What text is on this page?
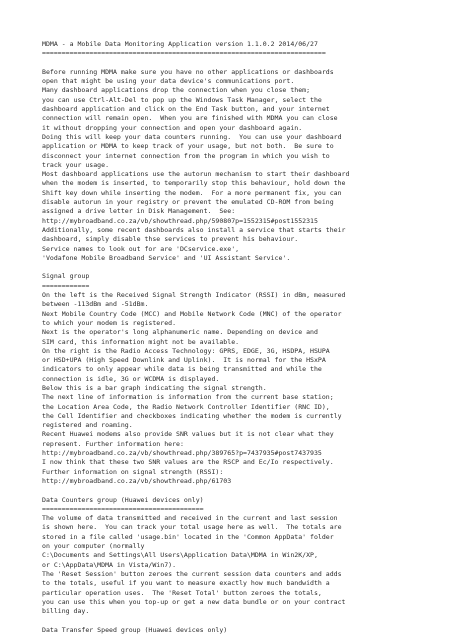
MDMA - a Mobile Data Monitoring Application version 1.1.0.2 2014/06/27
========================================================================
Before running MDMA make sure you have no other applications or dashboards
open that might be using your data device's communications port.
Many dashboard applications drop the connection when you close them;
you can use Ctrl-Alt-Del to pop up the Windows Task Manager, select the
dashboard application and click on the End Task button, and your internet
connection will remain open.  When you are finished with MDMA you can close
it without dropping your connection and open your dashboard again.
Doing this will keep your data counters running.  You can use your dashboard
application or MDMA to keep track of your usage, but not both.  Be sure to
disconnect your internet connection from the program in which you wish to
track your usage.
Most dashboard applications use the autorun mechanism to start their dashboard
when the modem is inserted, to temporarily stop this behaviour, hold down the
Shift key down while inserting the modem.  For a more permanent fix, you can
disable autorun in your registry or prevent the emulated CD-ROM from being
assigned a drive letter in Disk Management.  See:
http://mybroadband.co.za/vb/showthread.php/590807p=1552315#post1552315
Additionally, some recent dashboards also install a service that starts their
dashboard, simply disable thse services to prevent his behaviour.
Service names to look out for are 'DCservice.exe',
'Vodafone Mobile Broadband Service' and 'UI Assistant Service'.
Signal group
============
On the left is the Received Signal Strength Indicator (RSSI) in dBm, measured
between -113dBm and -51dBm.
Next Mobile Country Code (MCC) and Mobile Network Code (MNC) of the operator
to which your modem is registered.
Next is the operator's long alphanumeric name. Depending on device and
SIM card, this information might not be available.
On the right is the Radio Access Technology: GPRS, EDGE, 3G, HSDPA, HSUPA
or HSD+UPA (High Speed Downlink and Uplink).  It is normal for the HSxPA
indicators to only appear while data is being transmitted and while the
connection is idle, 3G or WCDMA is displayed.
Below this is a bar graph indicating the signal strength.
The next line of information is information from the current base station;
the Location Area Code, the Radio Network Controller Identifier (RNC ID),
the Cell Identifier and checkboxes indicating whether the modem is currently
registered and roaming.
Recent Huawei modems also provide SNR values but it is not clear what they
represent. Further information here:
http://mybroadband.co.za/vb/showthread.php/389765?p=7437935#post7437935
I now think that these two SNR values are the RSCP and Ec/Io respectively.
Further information on signal strength (RSSI):
http://mybroadband.co.za/vb/showthread.php/61703
Data Counters group (Huawei devices only)
=========================================
The volume of data transmitted and received in the current and last session
is shown here.  You can track your total usage here as well.  The totals are
stored in a file called 'usage.bin' located in the 'Common AppData' folder
on your computer (normally
C:\Documents and Settings\All Users\Application Data\MDMA in Win2K/XP,
or C:\AppData\MDMA in Vista/Win7).
The 'Reset Session' button zeroes the current session data counters and adds
to the totals, useful if you want to measure exactly how much bandwidth a
particular operation uses.  The 'Reset Total' button zeroes the totals,
you can use this when you top-up or get a new data bundle or on your contract
billing day.
Data Transfer Speed group (Huawei devices only)
